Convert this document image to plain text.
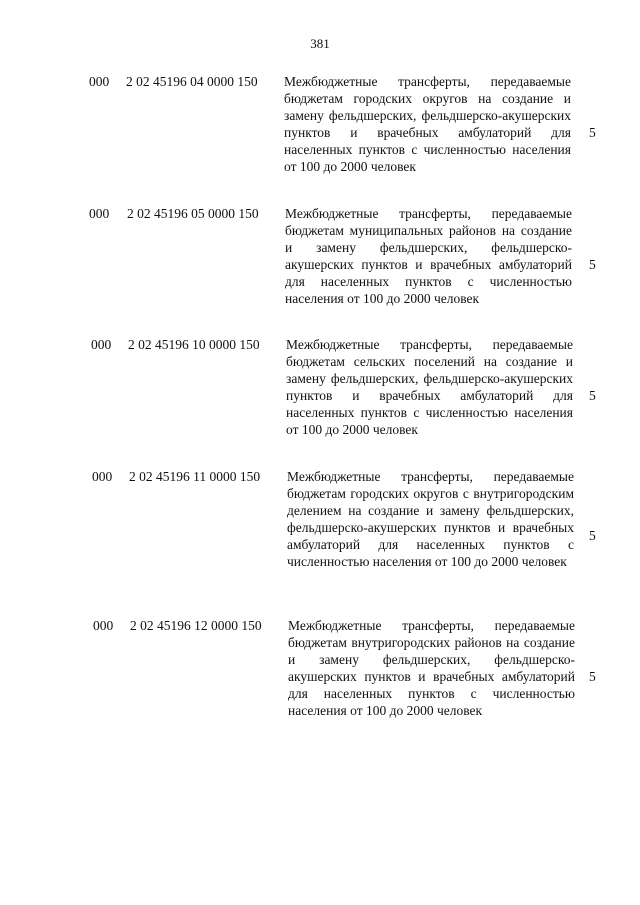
381
000 2 02 45196 04 0000 150 Межбюджетные трансферты, передаваемые бюджетам городских округов на создание и замену фельдшерских, фельдшерско-акушерских пунктов и врачебных амбулаторий для населенных пунктов с численностью населения от 100 до 2000 человек
5
000 2 02 45196 05 0000 150 Межбюджетные трансферты, передаваемые бюджетам муниципальных районов на создание и замену фельдшерских, фельдшерско-акушерских пунктов и врачебных амбулаторий для населенных пунктов с численностью населения от 100 до 2000 человек
5
000 2 02 45196 10 0000 150 Межбюджетные трансферты, передаваемые бюджетам сельских поселений на создание и замену фельдшерских, фельдшерско-акушерских пунктов и врачебных амбулаторий для населенных пунктов с численностью населения от 100 до 2000 человек
5
000 2 02 45196 11 0000 150 Межбюджетные трансферты, передаваемые бюджетам городских округов с внутригородским делением на создание и замену фельдшерских, фельдшерско-акушерских пунктов и врачебных амбулаторий для населенных пунктов с численностью населения от 100 до 2000 человек
5
000 2 02 45196 12 0000 150 Межбюджетные трансферты, передаваемые бюджетам внутригородских районов на создание и замену фельдшерских, фельдшерско-акушерских пунктов и врачебных амбулаторий для населенных пунктов с численностью населения от 100 до 2000 человек
5
